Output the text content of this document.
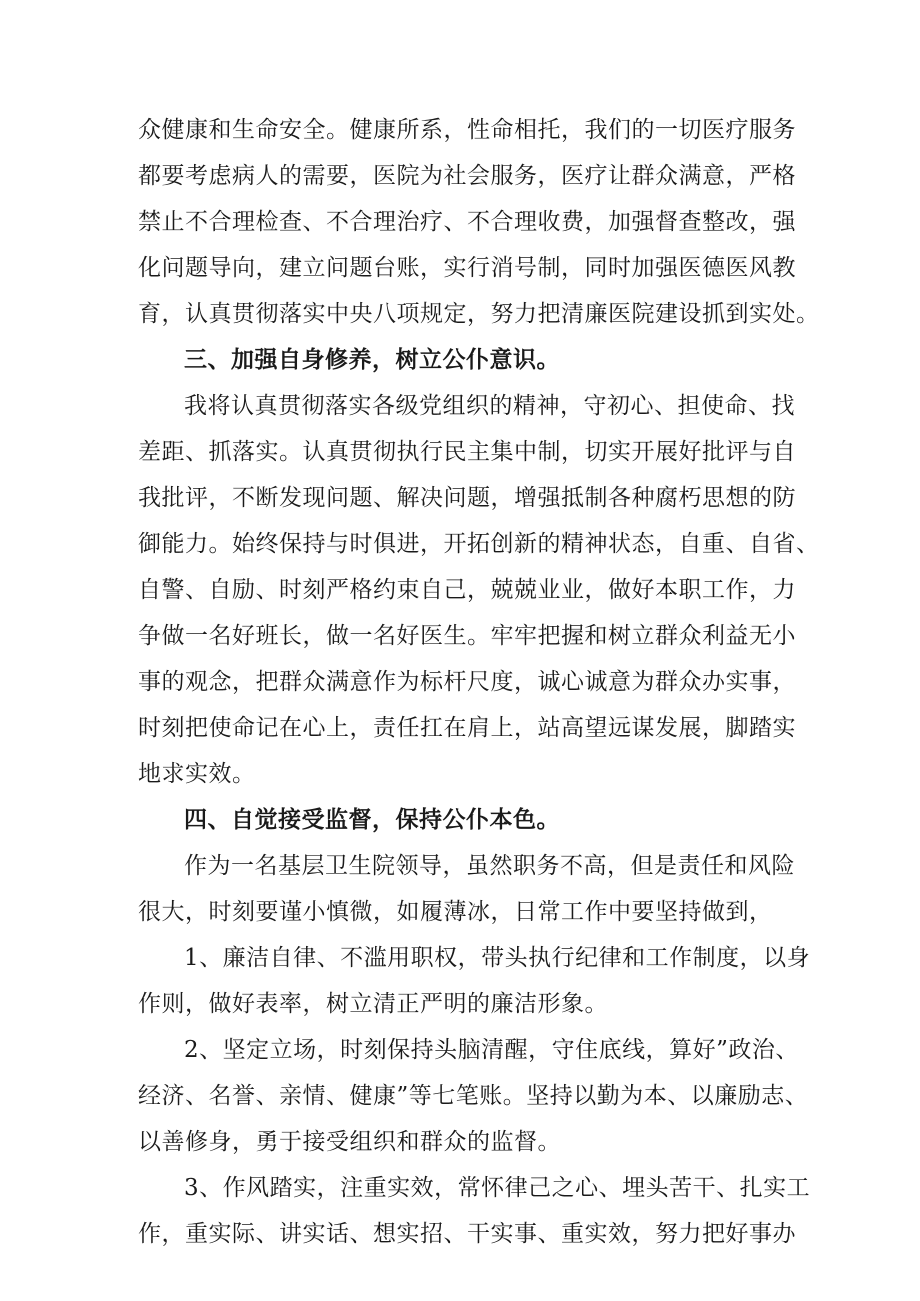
众健康和生命安全。健康所系，性命相托，我们的一切医疗服务
都要考虑病人的需要，医院为社会服务，医疗让群众满意，严格
禁止不合理检查、不合理治疗、不合理收费，加强督查整改，强
化问题导向，建立问题台账，实行消号制，同时加强医德医风教
育，认真贯彻落实中央八项规定，努力把清廉医院建设抓到实处。
三、加强自身修养，树立公仆意识。
我将认真贯彻落实各级党组织的精神，守初心、担使命、找
差距、抓落实。认真贯彻执行民主集中制，切实开展好批评与自
我批评，不断发现问题、解决问题，增强抵制各种腐朽思想的防
御能力。始终保持与时俱进，开拓创新的精神状态，自重、自省、
自警、自励、时刻严格约束自己，兢兢业业，做好本职工作，力
争做一名好班长，做一名好医生。牢牢把握和树立群众利益无小
事的观念，把群众满意作为标杆尺度，诚心诚意为群众办实事，
时刻把使命记在心上，责任扛在肩上，站高望远谋发展，脚踏实
地求实效。
四、自觉接受监督，保持公仆本色。
作为一名基层卫生院领导，虽然职务不高，但是责任和风险
很大，时刻要谨小慎微，如履薄冰，日常工作中要坚持做到，
1、廉洁自律、不滥用职权，带头执行纪律和工作制度，以身
作则，做好表率，树立清正严明的廉洁形象。
2、坚定立场，时刻保持头脑清醒，守住底线，算好”政治、
经济、名誉、亲情、健康”等七笔账。坚持以勤为本、以廉励志、
以善修身，勇于接受组织和群众的监督。
3、作风踏实，注重实效，常怀律己之心、埋头苦干、扎实工
作，重实际、讲实话、想实招、干实事、重实效，努力把好事办
